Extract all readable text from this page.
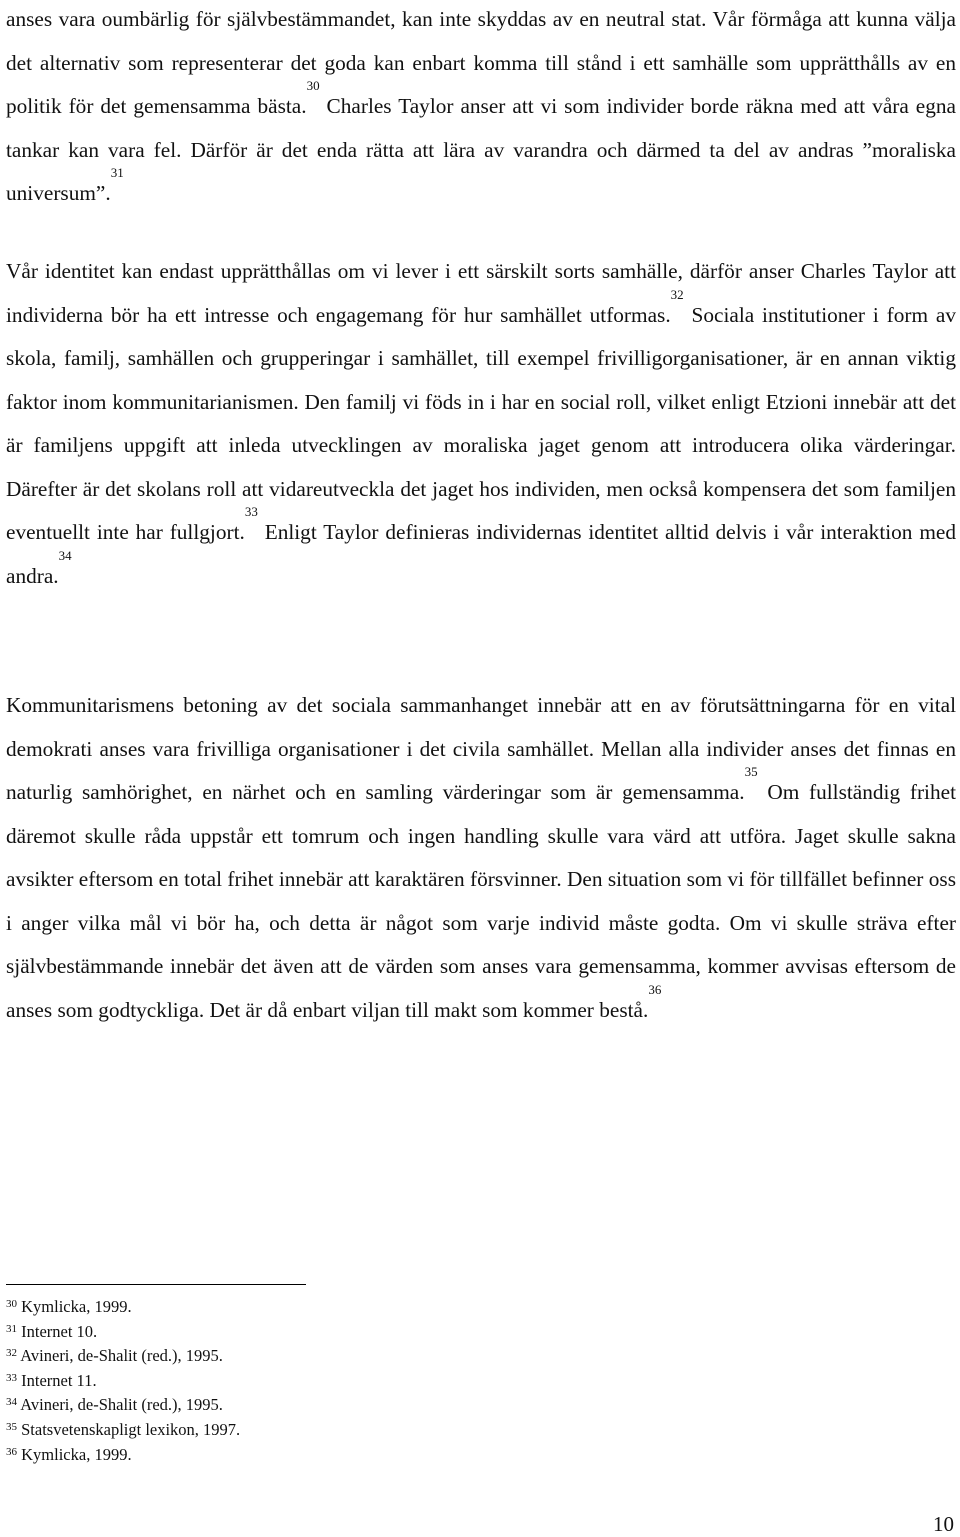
anses vara oumbärlig för självbestämmandet, kan inte skyddas av en neutral stat. Vår förmåga att kunna välja det alternativ som representerar det goda kan enbart komma till stånd i ett samhälle som upprätthålls av en politik för det gemensamma bästa.$^{30}$ Charles Taylor anser att vi som individer borde räkna med att våra egna tankar kan vara fel. Därför är det enda rätta att lära av varandra och därmed ta del av andras ”moraliska universum”.$^{31}$

Vår identitet kan endast upprätthållas om vi lever i ett särskilt sorts samhälle, därför anser Charles Taylor att individerna bör ha ett intresse och engagemang för hur samhället utformas.$^{32}$ Sociala institutioner i form av skola, familj, samhällen och grupperingar i samhället, till exempel frivilligorganisationer, är en annan viktig faktor inom kommunitarianismen. Den familj vi föds in i har en social roll, vilket enligt Etzioni innebär att det är familjens uppgift att inleda utvecklingen av moraliska jaget genom att introducera olika värderingar. Därefter är det skolans roll att vidareutveckla det jaget hos individen, men också kompensera det som familjen eventuellt inte har fullgjort.$^{33}$ Enligt Taylor definieras individernas identitet alltid delvis i vår interaktion med andra.$^{34}$

Kommunitarismens betoning av det sociala sammanhanget innebär att en av förutsättningarna för en vital demokrati anses vara frivilliga organisationer i det civila samhället. Mellan alla individer anses det finnas en naturlig samhörighet, en närhet och en samling värderingar som är gemensamma.$^{35}$ Om fullständig frihet däremot skulle råda uppstår ett tomrum och ingen handling skulle vara värd att utföra. Jaget skulle sakna avsikter eftersom en total frihet innebär att karaktären försvinner. Den situation som vi för tillfället befinner oss i anger vilka mål vi bör ha, och detta är något som varje individ måste godta. Om vi skulle sträva efter självbestämmande innebär det även att de värden som anses vara gemensamma, kommer avvisas eftersom de anses som godtyckliga. Det är då enbart viljan till makt som kommer bestå.$^{36}$

$^{30}$ Kymlicka, 1999.

$^{31}$ Internet 10.

$^{32}$ Avineri, de-Shalit (red.), 1995.

$^{33}$ Internet 11.

$^{34}$ Avineri, de-Shalit (red.), 1995.

$^{35}$ Statsvetenskapligt lexikon, 1997.

$^{36}$ Kymlicka, 1999.

10
